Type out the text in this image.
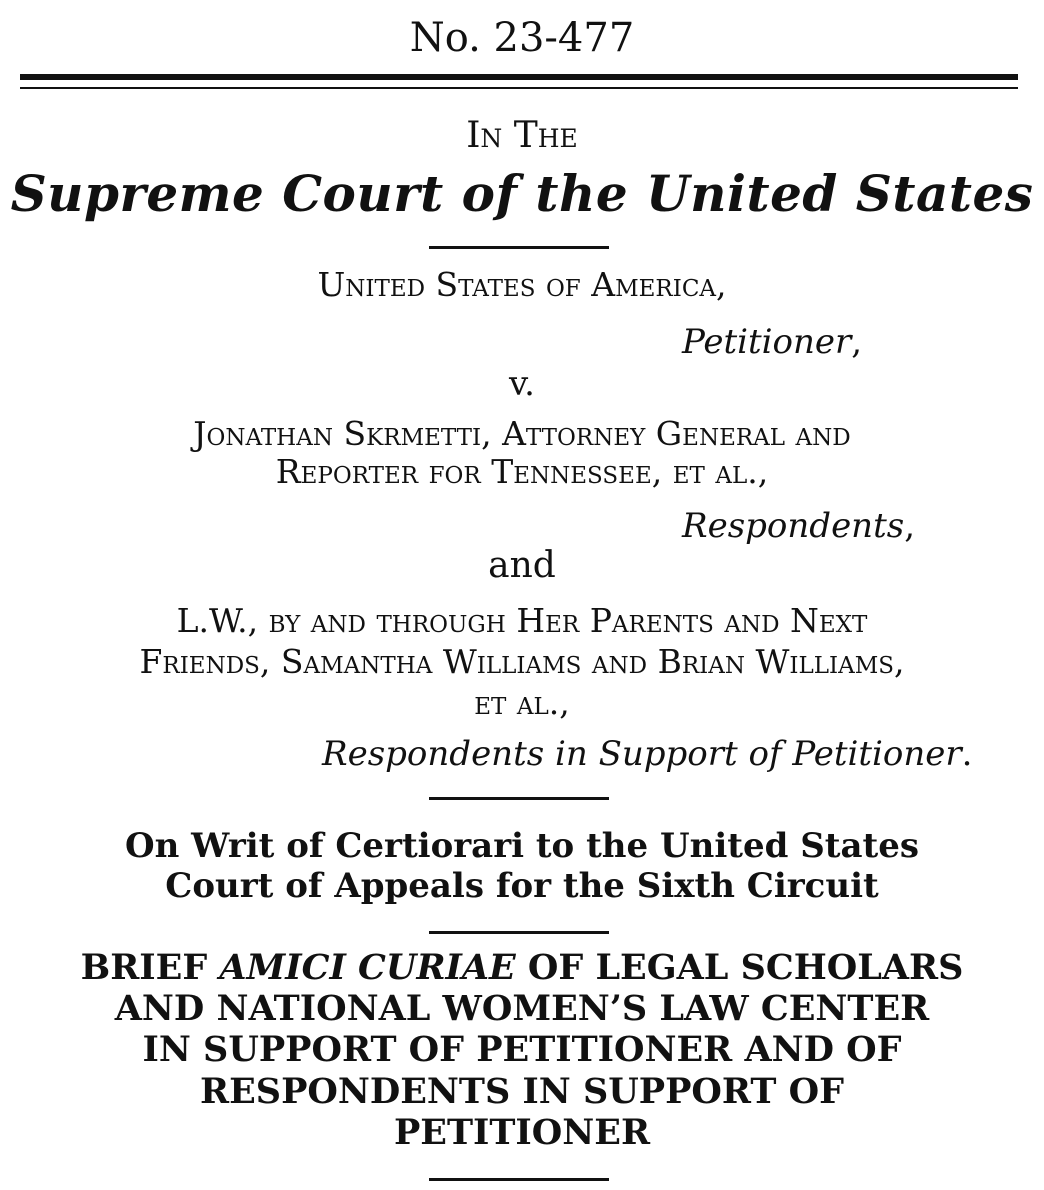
No. 23-477
In The
Supreme Court of the United States
United States of America,
Petitioner,
v.
Jonathan Skrmetti, Attorney General and
Reporter for Tennessee, et al.,
Respondents,
and
L.W., by and through Her Parents and Next
Friends, Samantha Williams and Brian Williams,
et al.,
Respondents in Support of Petitioner.
On Writ of Certiorari to the United States
Court of Appeals for the Sixth Circuit
BRIEF AMICI CURIAE OF LEGAL SCHOLARS
AND NATIONAL WOMEN’S LAW CENTER
IN SUPPORT OF PETITIONER AND OF
RESPONDENTS IN SUPPORT OF
PETITIONER
